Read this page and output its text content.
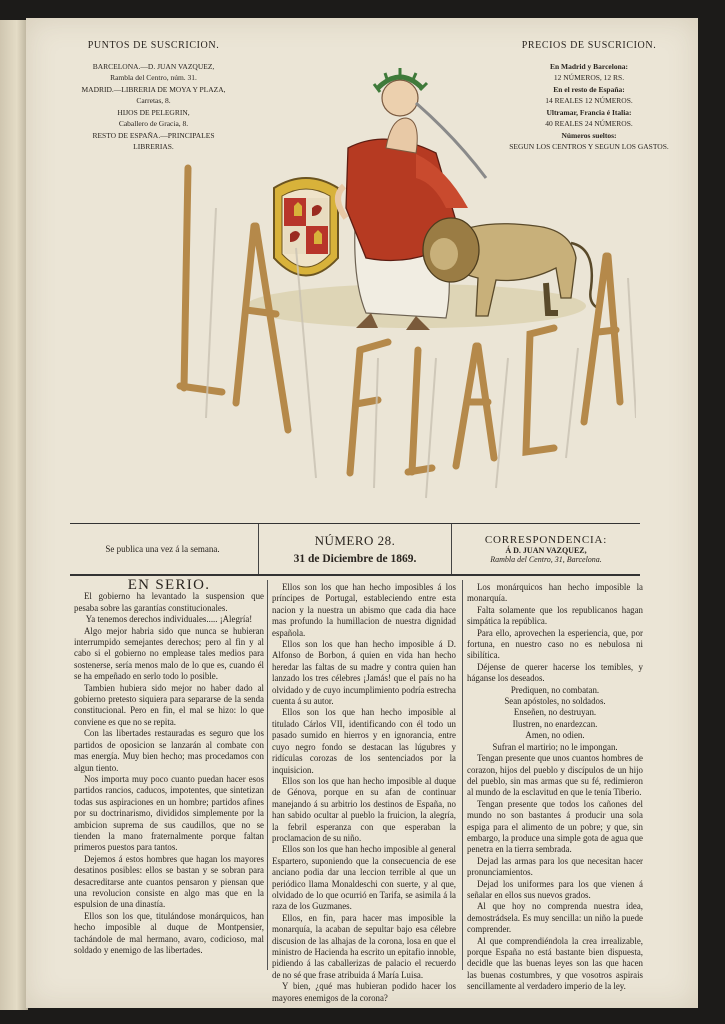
PUNTOS DE SUSCRICION.
BARCELONA.—D. JUAN VAZQUEZ,
Rambla del Centro, núm. 31.
MADRID.—LIBRERIA DE MOYA Y PLAZA,
Carretas, 8.
HIJOS DE PELEGRIN,
Caballero de Gracia, 8.
RESTO DE ESPAÑA.—PRINCIPALES
LIBRERIAS.
PRECIOS DE SUSCRICION.
En Madrid y Barcelona:
12 NÚMEROS, 12 RS.
En el resto de España:
14 REALES 12 NÚMEROS.
Ultramar, Francia é Italia:
40 REALES 24 NÚMEROS.
Números sueltos:
SEGUN LOS CENTROS Y SEGUN LOS GASTOS.
Se publica una vez á la semana.
NÚMERO 28.
31 de Diciembre de 1869.
CORRESPONDENCIA:
Á D. JUAN VAZQUEZ,
Rambla del Centro, 31, Barcelona.

EN SERIO.

El gobierno ha levantado la suspension que pesaba sobre las garantías constitucionales.

Ya tenemos derechos individuales..... ¡Alegría!

Algo mejor habria sido que nunca se hubieran interrumpido semejantes derechos; pero al fin y al cabo si el gobierno no emplease tales medios para sostenerse, sería menos malo de lo que es, cuando él se ha empeñado en serlo todo lo posible.

Tambien hubiera sido mejor no haber dado al gobierno pretesto siquiera para separarse de la senda constitucional. Pero en fin, el mal se hizo: lo que conviene es que no se repita.

Con las libertades restauradas es seguro que los partidos de oposicion se lanzarán al combate con mas energía. Muy bien hecho; mas procedamos con algun tiento.

Nos importa muy poco cuanto puedan hacer esos partidos rancios, caducos, impotentes, que sintetizan todas sus aspiraciones en un hombre; partidos afines por su doctrinarismo, divididos simplemente por la ambicion suprema de sus caudillos, que no se tienden la mano fraternalmente porque faltan primeros puestos para tantos.

Dejemos á estos hombres que hagan los mayores desatinos posibles: ellos se bastan y se sobran para desacreditarse ante cuantos pensaron y piensan que una revolucion consiste en algo mas que en la espulsion de una dinastía.

Ellos son los que, titulándose monárquicos, han hecho imposible al duque de Montpensier, tachándole de mal hermano, avaro, codicioso, mal soldado y enemigo de las libertades.

Ellos son los que han hecho imposibles á los príncipes de Portugal, estableciendo entre esta nacion y la nuestra un abismo que cada dia hace mas profundo la humillacion de nuestra dignidad española.

Ellos son los que han hecho imposible á D. Alfonso de Borbon, á quien en vida han hecho heredar las faltas de su madre y contra quien han lanzado los tres célebres ¡Jamás! que el país no ha olvidado y de cuyo incumplimiento podría estrecha cuenta á su autor.

Ellos son los que han hecho imposible al titulado Cárlos VII, identificando con él todo un pasado sumido en hierros y en ignorancia, entre cuyo negro fondo se destacan las lúgubres y ridículas corozas de los sentenciados por la inquisicion.

Ellos son los que han hecho imposible al duque de Génova, porque en su afan de continuar manejando á su arbitrio los destinos de España, no han sabido ocultar al pueblo la fruicion, la alegría, la febril esperanza con que esperaban la proclamacion de su niño.

Ellos son los que han hecho imposible al general Espartero, suponiendo que la consecuencia de ese anciano podia dar una leccion terrible al que un periódico llama Monaldeschi con suerte, y al que, olvidado de lo que ocurrió en Tarifa, se asimila á la raza de los Guzmanes.

Ellos, en fin, para hacer mas imposible la monarquía, la acaban de sepultar bajo esa célebre discusion de las alhajas de la corona, losa en que el ministro de Hacienda ha escrito un epitafio innoble, pidiendo á las caballerizas de palacio el recuerdo de no sé que frase atribuida á María Luisa.

Y bien, ¿qué mas hubieran podido hacer los mayores enemigos de la corona?

Los monárquicos han hecho imposible la monarquía.

Falta solamente que los republicanos hagan simpática la república.

Para ello, aprovechen la esperiencia, que, por fortuna, en nuestro caso no es nebulosa ni sibilítica.

Déjense de querer hacerse los temibles, y háganse los deseados.

Prediquen, no combatan.

Sean apóstoles, no soldados.

Enseñen, no destruyan.

Ilustren, no enardezcan.

Amen, no odien.

Sufran el martirio; no le impongan.

Tengan presente que unos cuantos hombres de corazon, hijos del pueblo y discípulos de un hijo del pueblo, sin mas armas que su fé, redimieron al mundo de la esclavitud en que le tenía Tiberio.

Tengan presente que todos los cañones del mundo no son bastantes á producir una sola espiga para el alimento de un pobre; y que, sin embargo, la produce una simple gota de agua que penetra en la tierra sembrada.

Dejad las armas para los que necesitan hacer pronunciamientos.

Dejad los uniformes para los que vienen á señalar en ellos sus nuevos grados.

Al que hoy no comprenda nuestra idea, demostrádsela. Es muy sencilla: un niño la puede comprender.

Al que comprendiéndola la crea irrealizable, porque España no está bastante bien dispuesta, decidle que las buenas leyes son las que hacen las buenas costumbres, y que vosotros aspirais sencillamente al verdadero imperio de la ley.
